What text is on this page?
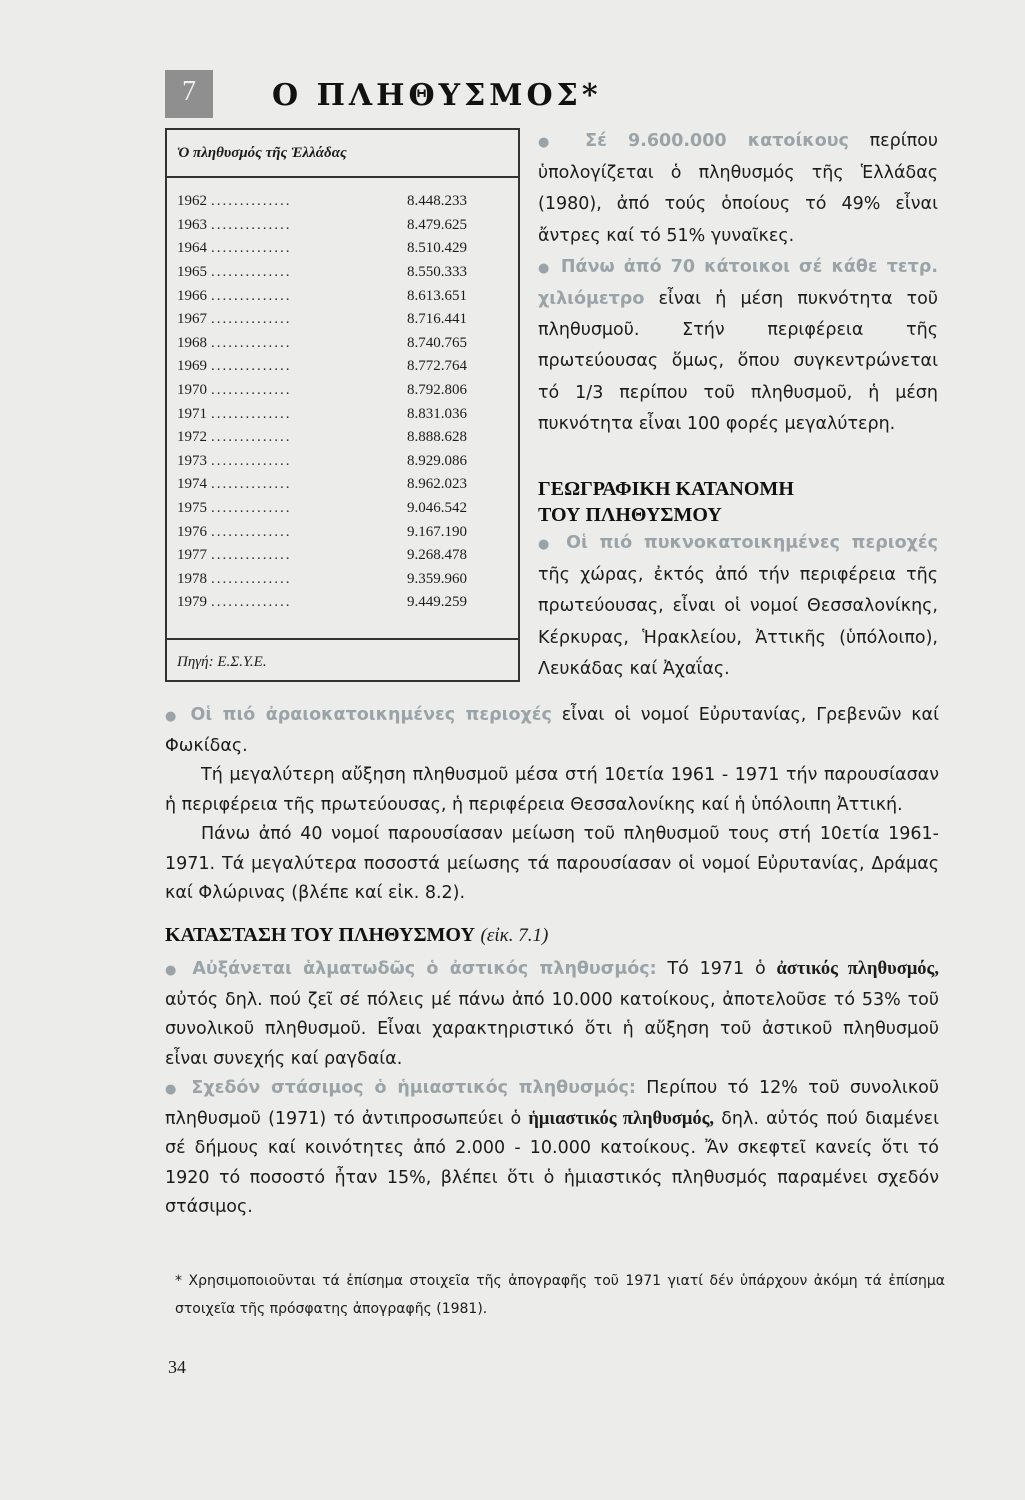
7	Ο ΠΛΗΘΥΣΜΟΣ*
Ὁ πληθυσμός τῆς Ἑλλάδας
1962 ..............	8.448.233
1963 ..............	8.479.625
1964 ..............	8.510.429
1965 ..............	8.550.333
1966 ..............	8.613.651
1967 ..............	8.716.441
1968 ..............	8.740.765
1969 ..............	8.772.764
1970 ..............	8.792.806
1971 ..............	8.831.036
1972 ..............	8.888.628
1973 ..............	8.929.086
1974 ..............	8.962.023
1975 ..............	9.046.542
1976 ..............	9.167.190
1977 ..............	9.268.478
1978 ..............	9.359.960
1979 ..............	9.449.259
Πηγή: Ε.Σ.Υ.Ε.

● Σέ 9.600.000 κατοίκους περίπου ὑπολογίζεται ὁ πληθυσμός τῆς Ἑλλάδας (1980), ἀπό τούς ὁποίους τό 49% εἶναι ἄντρες καί τό 51% γυναῖκες.

● Πάνω ἀπό 70 κάτοικοι σέ κάθε τετρ. χιλιόμετρο εἶναι ἡ μέση πυκνότητα τοῦ πληθυσμοῦ. Στήν περιφέρεια τῆς πρωτεύουσας ὅμως, ὅπου συγκεντρώνεται τό 1/3 περίπου τοῦ πληθυσμοῦ, ἡ μέση πυκνότητα εἶναι 100 φορές μεγαλύτερη.

ΓΕΩΓΡΑΦΙΚΗ ΚΑΤΑΝΟΜΗ
ΤΟΥ ΠΛΗΘΥΣΜΟΥ

● Οἱ πιό πυκνοκατοικημένες περιοχές τῆς χώρας, ἐκτός ἀπό τήν περιφέρεια τῆς πρωτεύουσας, εἶναι οἱ νομοί Θεσσαλονίκης, Κέρκυρας, Ἡρακλείου, Ἀττικῆς (ὑπόλοιπο), Λευκάδας καί Ἀχαΐας.

● Οἱ πιό ἀραιοκατοικημένες περιοχές εἶναι οἱ νομοί Εὐρυτανίας, Γρεβενῶν καί Φωκίδας.

Τή μεγαλύτερη αὔξηση πληθυσμοῦ μέσα στή 10ετία 1961 - 1971 τήν παρουσίασαν ἡ περιφέρεια τῆς πρωτεύουσας, ἡ περιφέρεια Θεσσαλονίκης καί ἡ ὑπόλοιπη Ἀττική.

Πάνω ἀπό 40 νομοί παρουσίασαν μείωση τοῦ πληθυσμοῦ τους στή 10ετία 1961-1971. Τά μεγαλύτερα ποσοστά μείωσης τά παρουσίασαν οἱ νομοί Εὐρυτανίας, Δράμας καί Φλώρινας (βλέπε καί εἰκ. 8.2).

ΚΑΤΑΣΤΑΣΗ ΤΟΥ ΠΛΗΘΥΣΜΟΥ (εἰκ. 7.1)

● Αὐξάνεται ἁλματωδῶς ὁ ἀστικός πληθυσμός: Τό 1971 ὁ ἀστικός πληθυσμός, αὐτός δηλ. πού ζεῖ σέ πόλεις μέ πάνω ἀπό 10.000 κατοίκους, ἀποτελοῦσε τό 53% τοῦ συνολικοῦ πληθυσμοῦ. Εἶναι χαρακτηριστικό ὅτι ἡ αὔξηση τοῦ ἀστικοῦ πληθυσμοῦ εἶναι συνεχής καί ραγδαία.

● Σχεδόν στάσιμος ὁ ἡμιαστικός πληθυσμός: Περίπου τό 12% τοῦ συνολικοῦ πληθυσμοῦ (1971) τό ἀντιπροσωπεύει ὁ ἡμιαστικός πληθυσμός, δηλ. αὐτός πού διαμένει σέ δήμους καί κοινότητες ἀπό 2.000 - 10.000 κατοίκους. Ἄν σκεφτεῖ κανείς ὅτι τό 1920 τό ποσοστό ἦταν 15%, βλέπει ὅτι ὁ ἡμιαστικός πληθυσμός παραμένει σχεδόν στάσιμος.

* Χρησιμοποιοῦνται τά ἐπίσημα στοιχεῖα τῆς ἀπογραφῆς τοῦ 1971 γιατί δέν ὑπάρχουν ἀκόμη τά ἐπίσημα στοιχεῖα τῆς πρόσφατης ἀπογραφῆς (1981).
34
